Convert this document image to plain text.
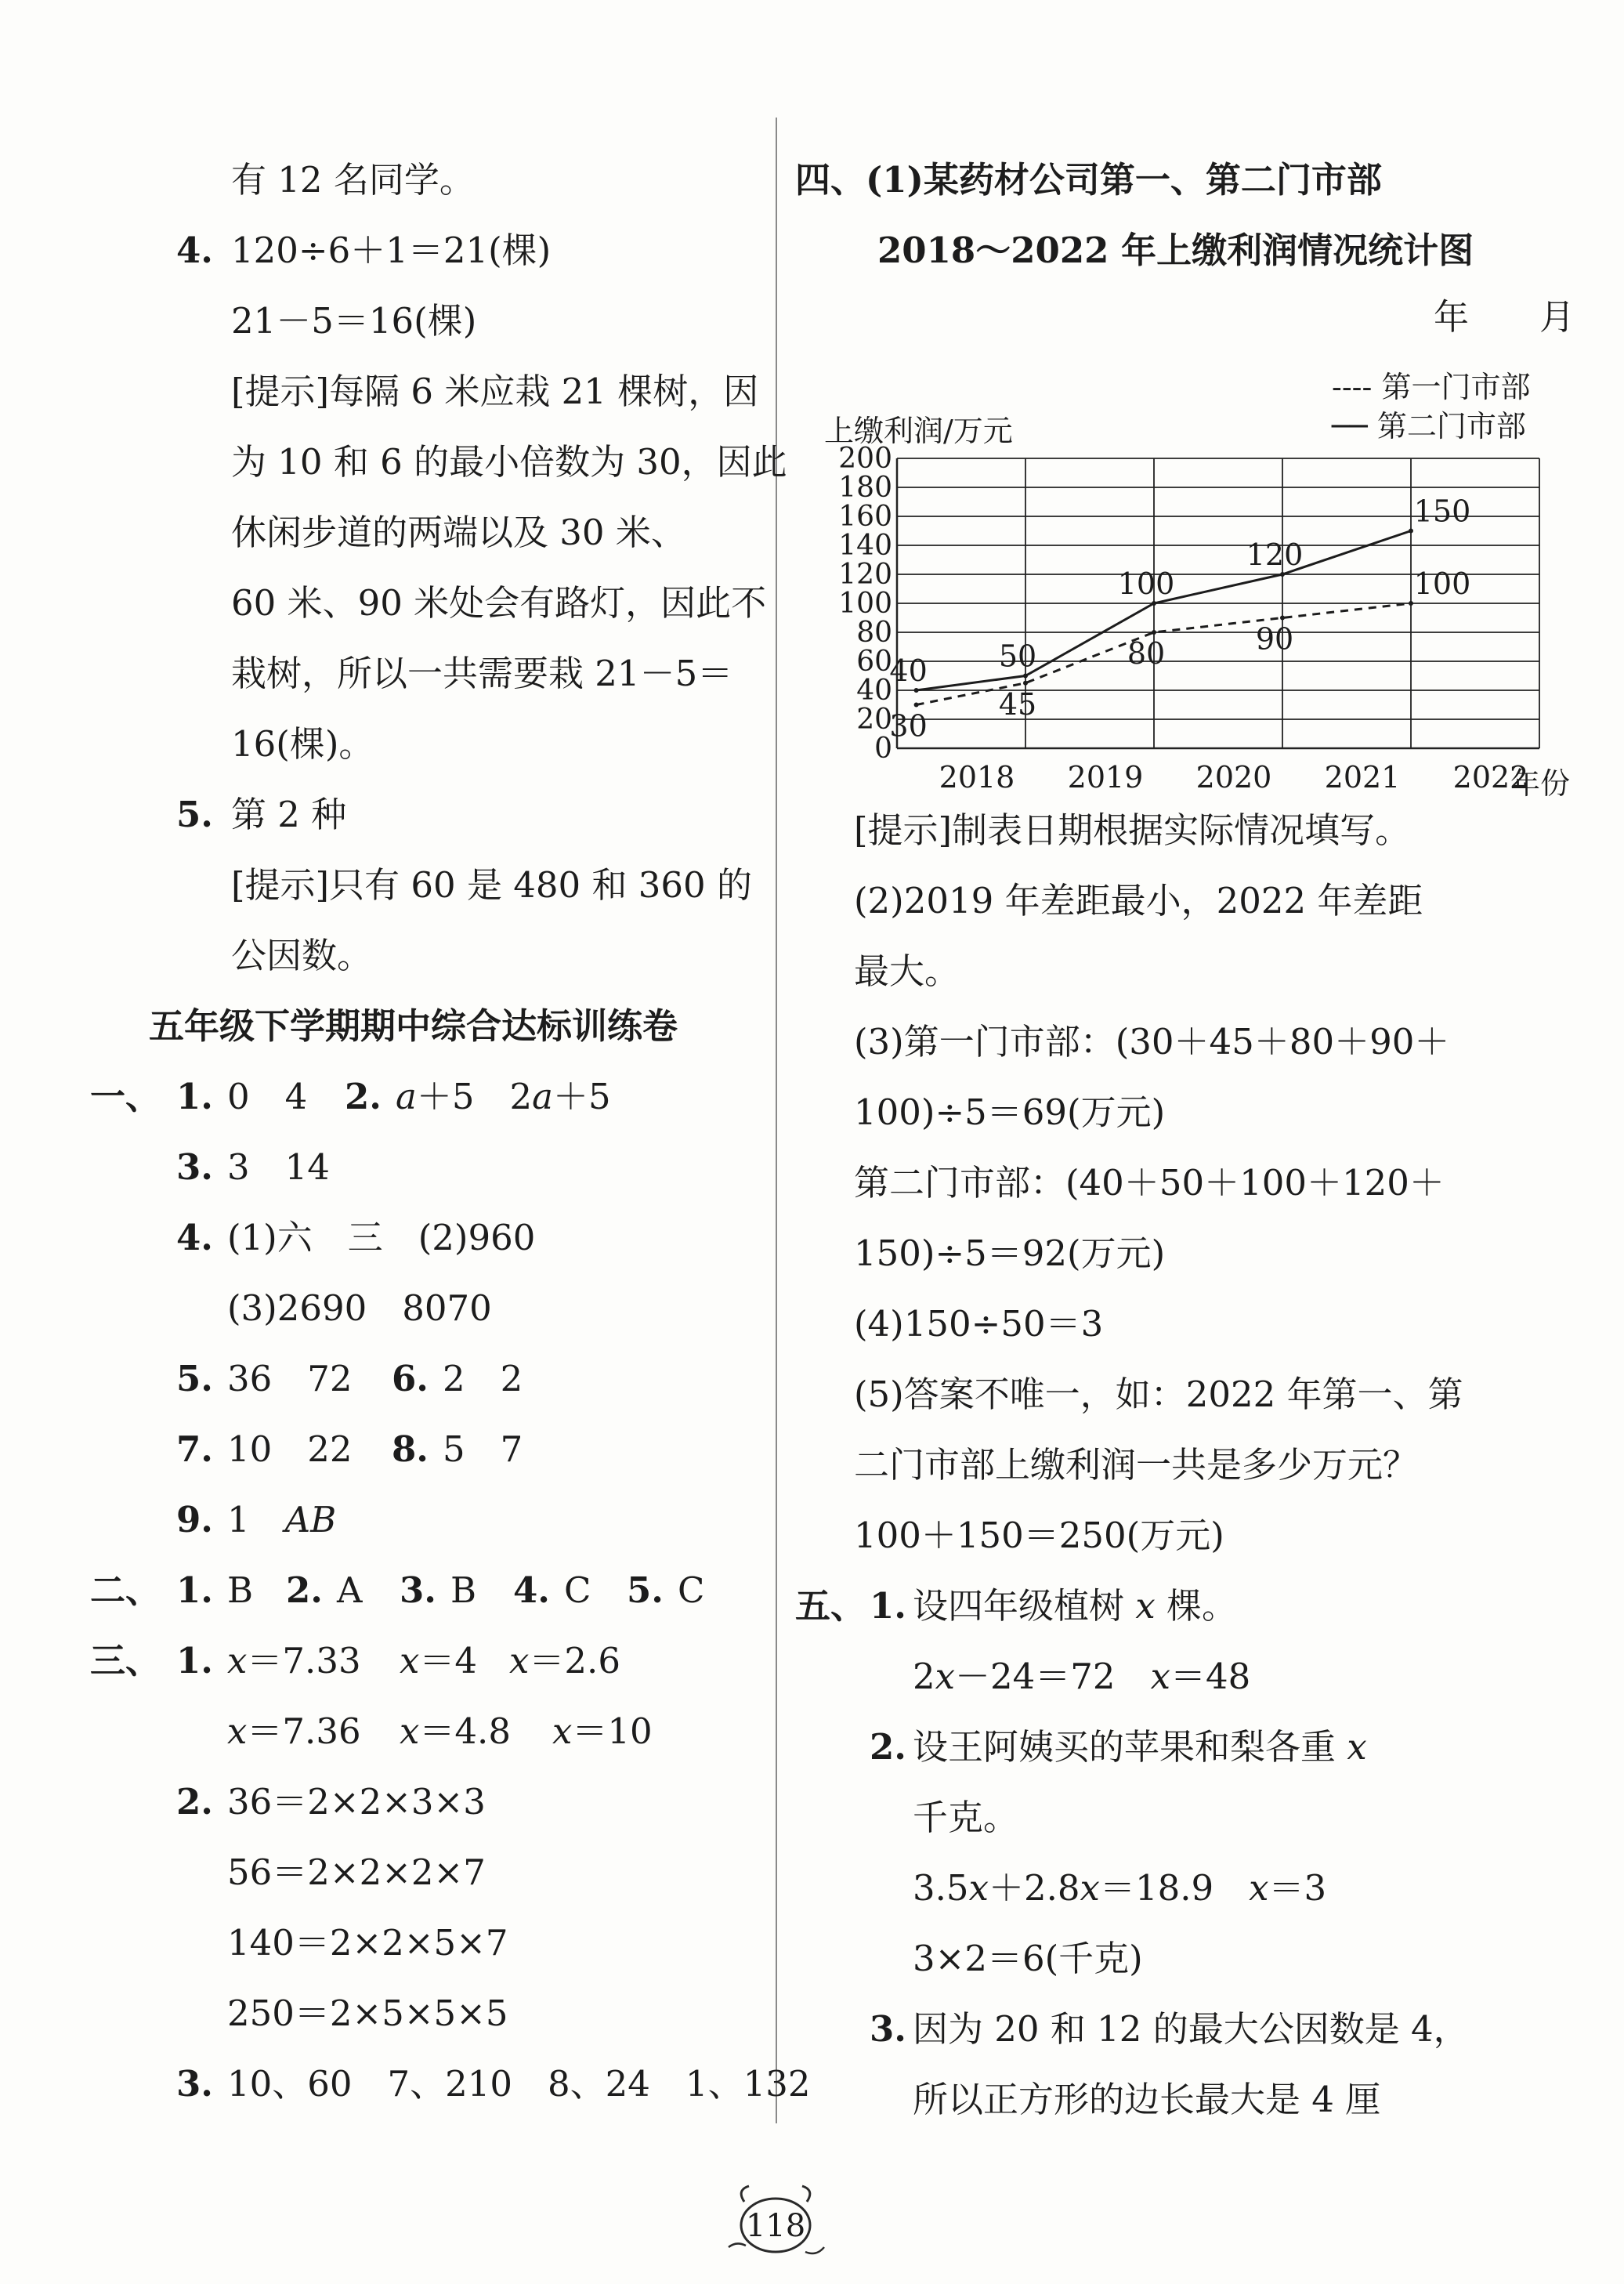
有 12 名同学。
4. 120÷6＋1＝21(棵)
21－5＝16(棵)
[提示]每隔 6 米应栽 21 棵树，因
为 10 和 6 的最小倍数为 30，因此
休闲步道的两端以及 30 米、
60 米、90 米处会有路灯，因此不
栽树，所以一共需要栽 21－5＝
16(棵)。
5. 第 2 种
[提示]只有 60 是 480 和 360 的
公因数。
五年级下学期期中综合达标训练卷
一、 1. 0　4 2. a＋5　2a＋5
3. 3　14
4. (1)六　三　(2)960
(3)2690　8070
5. 36　72 6. 2　2
7. 10　22 8. 5　7
9. 1　AB
二、 1. B 2. A 3. B 4. C 5. C
三、 1. x＝7.33 x＝4 x＝2.6
x＝7.36 x＝4.8 x＝10
2. 36＝2×2×3×3
56＝2×2×2×7
140＝2×2×5×7
250＝2×5×5×5
3. 10、60　7、210　8、24　1、132
四、(1)某药材公司第一、第二门市部
2018～2022 年上缴利润情况统计图
年　　月
0
20
40
60
80
100
120
140
160
180
200
2018 2019 2020 2021 2022
30
45
80	90
100
40 50
100
120
150
---- 第一门市部
── 第二门市部
上缴利润/万元
年份
[提示]制表日期根据实际情况填写。
(2)2019 年差距最小，2022 年差距
最大。
(3)第一门市部：(30＋45＋80＋90＋
100)÷5＝69(万元)
第二门市部：(40＋50＋100＋120＋
150)÷5＝92(万元)
(4)150÷50＝3
(5)答案不唯一，如：2022 年第一、第
二门市部上缴利润一共是多少万元？
100＋150＝250(万元)
五、 1. 设四年级植树 x 棵。
2x－24＝72　x＝48
2. 设王阿姨买的苹果和梨各重 x
千克。
3.5x＋2.8x＝18.9　x＝3
3×2＝6(千克)
3. 因为 20 和 12 的最大公因数是 4，
所以正方形的边长最大是 4 厘
118
